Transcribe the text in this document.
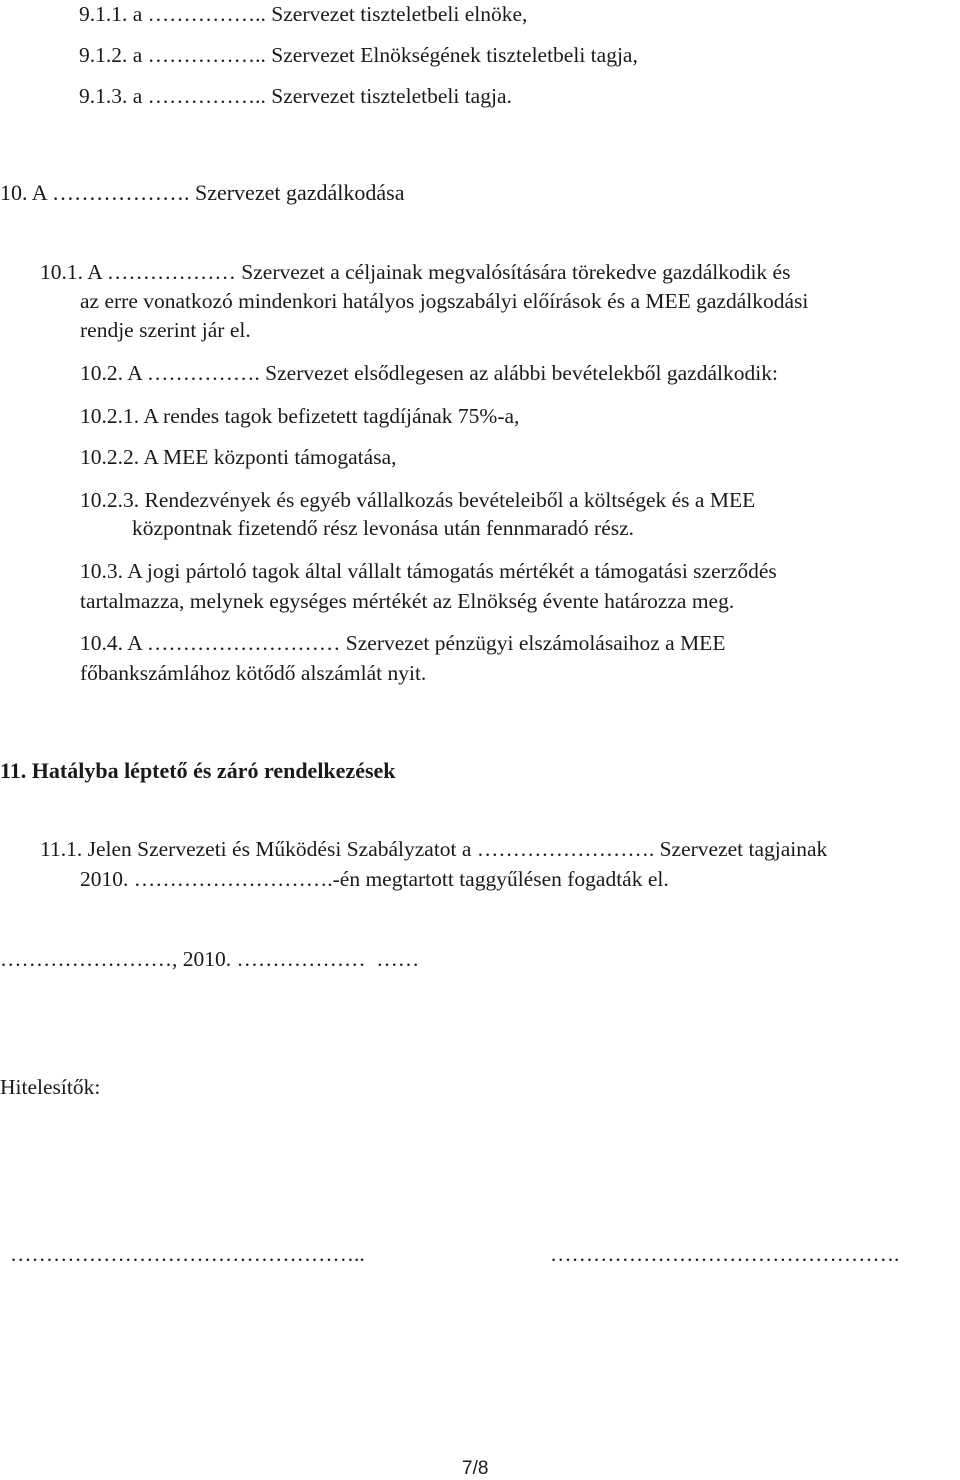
9.1.1. a …………….. Szervezet tiszteletbeli elnöke,
9.1.2. a …………….. Szervezet Elnökségének tiszteletbeli tagja,
9.1.3. a …………….. Szervezet tiszteletbeli tagja.
10. A ………………. Szervezet gazdálkodása
10.1. A ……………… Szervezet a céljainak megvalósítására törekedve gazdálkodik és
az erre vonatkozó mindenkori hatályos jogszabályi előírások és a MEE gazdálkodási
rendje szerint jár el.
10.2. A ……………. Szervezet elsődlegesen az alábbi bevételekből gazdálkodik:
10.2.1. A rendes tagok befizetett tagdíjának 75%-a,
10.2.2. A MEE központi támogatása,
10.2.3. Rendezvények és egyéb vállalkozás bevételeiből a költségek és a MEE
központnak fizetendő rész levonása után fennmaradó rész.
10.3. A jogi pártoló tagok által vállalt támogatás mértékét a támogatási szerződés
tartalmazza, melynek egységes mértékét az Elnökség évente határozza meg.
10.4. A ……………………… Szervezet pénzügyi elszámolásaihoz a MEE
főbankszámlához kötődő alszámlát nyit.
11. Hatályba léptető és záró rendelkezések
11.1. Jelen Szervezeti és Működési Szabályzatot a ……………………. Szervezet tagjainak
2010. ……………………….-én megtartott taggyűlésen fogadták el.
……………………, 2010. ………………  ……
Hitelesítők:
…………………………………………..	………………………………………….
7/8
